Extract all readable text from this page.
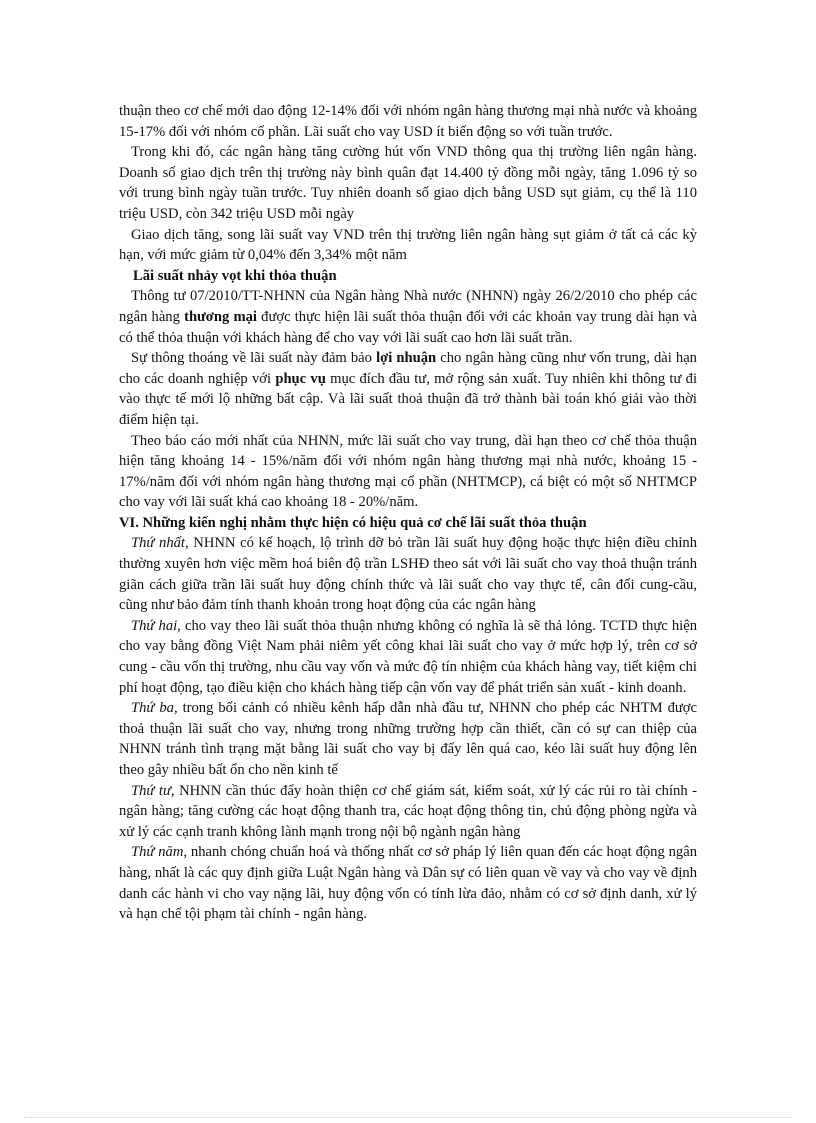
thuận theo cơ chế mới dao động 12-14% đối với nhóm ngân hàng thương mại nhà nước và khoảng 15-17% đối với nhóm cổ phần. Lãi suất cho vay USD ít biến động so với tuần trước.

Trong khi đó, các ngân hàng tăng cường hút vốn VND thông qua thị trường liên ngân hàng. Doanh số giao dịch trên thị trường này bình quân đạt 14.400 tỷ đồng mỗi ngày, tăng 1.096 tỷ so với trung bình ngày tuần trước. Tuy nhiên doanh số giao dịch bằng USD sụt giảm, cụ thể là 110 triệu USD, còn 342 triệu USD mỗi ngày

Giao dịch tăng, song lãi suất vay VND trên thị trường liên ngân hàng sụt giảm ở tất cả các kỳ hạn, với mức giảm từ 0,04% đến 3,34% một năm

Lãi suất nhảy vọt khi thỏa thuận

Thông tư 07/2010/TT-NHNN của Ngân hàng Nhà nước (NHNN) ngày 26/2/2010 cho phép các ngân hàng thương mại được thực hiện lãi suất thỏa thuận đối với các khoản vay trung dài hạn và có thể thỏa thuận với khách hàng để cho vay với lãi suất cao hơn lãi suất trần.

Sự thông thoáng về lãi suất này đảm bảo lợi nhuận cho ngân hàng cũng như vốn trung, dài hạn cho các doanh nghiệp với phục vụ mục đích đầu tư, mở rộng sản xuất. Tuy nhiên khi thông tư đi vào thực tế mới lộ những bất cập. Và lãi suất thoả thuận đã trở thành bài toán khó giải vào thời điểm hiện tại.

Theo báo cáo mới nhất của NHNN, mức lãi suất cho vay trung, dài hạn theo cơ chế thỏa thuận hiện tăng khoảng 14 - 15%/năm đối với nhóm ngân hàng thương mại nhà nước, khoảng 15 - 17%/năm đối với nhóm ngân hàng thương mại cổ phần (NHTMCP), cá biệt có một số NHTMCP cho vay với lãi suất khá cao khoảng 18 - 20%/năm.

VI. Những kiến nghị nhằm thực hiện có hiệu quả cơ chế lãi suất thỏa thuận

Thứ nhất, NHNN có kế hoạch, lộ trình dỡ bỏ trần lãi suất huy động hoặc thực hiện điều chỉnh thường xuyên hơn việc mềm hoá biên độ trần LSHĐ theo sát với lãi suất cho vay thoả thuận tránh giãn cách giữa trần lãi suất huy động chính thức và lãi suất cho vay thực tế, cân đối cung-cầu, cũng như bảo đảm tính thanh khoản trong hoạt động của các ngân hàng

Thứ hai, cho vay theo lãi suất thỏa thuận nhưng không có nghĩa là sẽ thả lỏng. TCTD thực hiện cho vay bằng đồng Việt Nam phải niêm yết công khai lãi suất cho vay ở mức hợp lý, trên cơ sở cung - cầu vốn thị trường, nhu cầu vay vốn và mức độ tín nhiệm của khách hàng vay, tiết kiệm chi phí hoạt động, tạo điều kiện cho khách hàng tiếp cận vốn vay để phát triển sản xuất - kinh doanh.

Thứ ba, trong bối cảnh có nhiều kênh hấp dẫn nhà đầu tư, NHNN cho phép các NHTM được thoả thuận lãi suất cho vay, nhưng trong những trường hợp cần thiết, cần có sự can thiệp của NHNN tránh tình trạng mặt bằng lãi suất cho vay bị đẩy lên quá cao, kéo lãi suất huy động lên theo gây nhiều bất ổn cho nền kinh tế

Thứ tư, NHNN cần thúc đẩy hoàn thiện cơ chế giám sát, kiểm soát, xử lý các rủi ro tài chính - ngân hàng; tăng cường các hoạt động thanh tra, các hoạt động thông tin, chủ động phòng ngừa và xử lý các cạnh tranh không lành mạnh trong nội bộ ngành ngân hàng

Thứ năm, nhanh chóng chuẩn hoá và thống nhất cơ sở pháp lý liên quan đến các hoạt động ngân hàng, nhất là các quy định giữa Luật Ngân hàng và Dân sự có liên quan về vay và cho vay về định danh các hành vi cho vay nặng lãi, huy động vốn có tính lừa đảo, nhằm có cơ sở định danh, xử lý và hạn chế tội phạm tài chính - ngân hàng.
